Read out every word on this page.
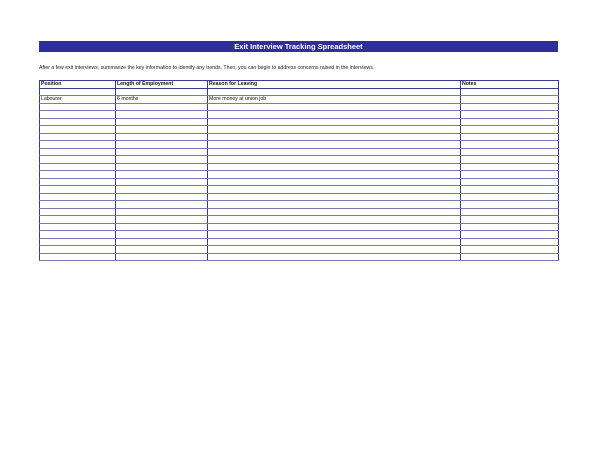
Exit Interview Tracking Spreadsheet
After a few exit interviews, summarize the key information to identify any trends. Then, you can begin to address concerns raised in the interviews.
Position	Length of Employment	Reason for Leaving	Notes

Labourer	6 months	More money at union job	
